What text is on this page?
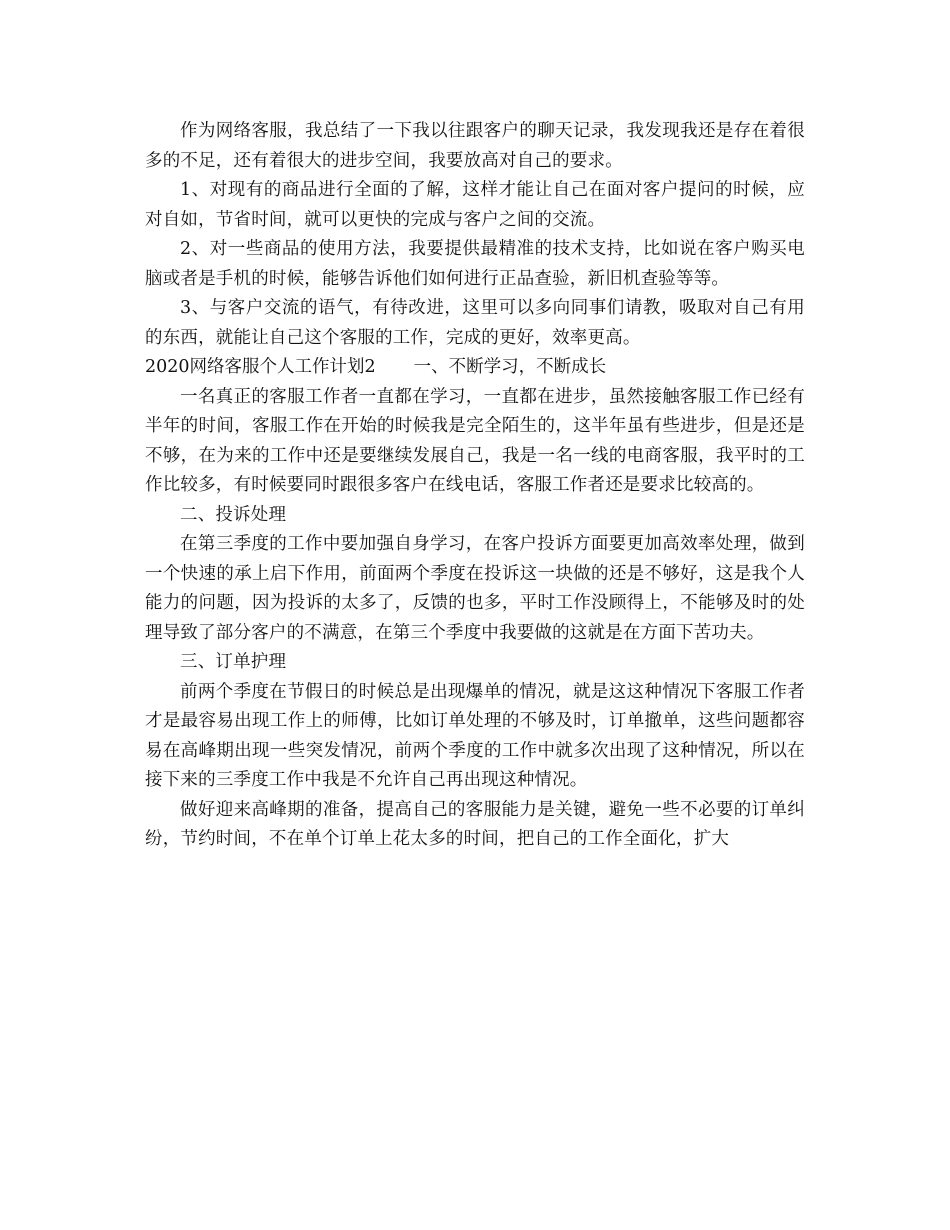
作为网络客服，我总结了一下我以往跟客户的聊天记录，我发现我还是存在着很多的不足，还有着很大的进步空间，我要放高对自己的要求。

1、对现有的商品进行全面的了解，这样才能让自己在面对客户提问的时候，应对自如，节省时间，就可以更快的完成与客户之间的交流。

2、对一些商品的使用方法，我要提供最精准的技术支持，比如说在客户购买电脑或者是手机的时候，能够告诉他们如何进行正品查验，新旧机查验等等。

3、与客户交流的语气，有待改进，这里可以多向同事们请教，吸取对自己有用的东西，就能让自己这个客服的工作，完成的更好，效率更高。

2020网络客服个人工作计划2 一、不断学习，不断成长

一名真正的客服工作者一直都在学习，一直都在进步，虽然接触客服工作已经有半年的时间，客服工作在开始的时候我是完全陌生的，这半年虽有些进步，但是还是不够，在为来的工作中还是要继续发展自己，我是一名一线的电商客服，我平时的工作比较多，有时候要同时跟很多客户在线电话，客服工作者还是要求比较高的。

二、投诉处理

在第三季度的工作中要加强自身学习，在客户投诉方面要更加高效率处理，做到一个快速的承上启下作用，前面两个季度在投诉这一块做的还是不够好，这是我个人能力的问题，因为投诉的太多了，反馈的也多，平时工作没顾得上，不能够及时的处理导致了部分客户的不满意，在第三个季度中我要做的这就是在方面下苦功夫。

三、订单护理

前两个季度在节假日的时候总是出现爆单的情况，就是这这种情况下客服工作者才是最容易出现工作上的师傅，比如订单处理的不够及时，订单撤单，这些问题都容易在高峰期出现一些突发情况，前两个季度的工作中就多次出现了这种情况，所以在接下来的三季度工作中我是不允许自己再出现这种情况。

做好迎来高峰期的准备，提高自己的客服能力是关键，避免一些不必要的订单纠纷，节约时间，不在单个订单上花太多的时间，把自己的工作全面化，扩大
